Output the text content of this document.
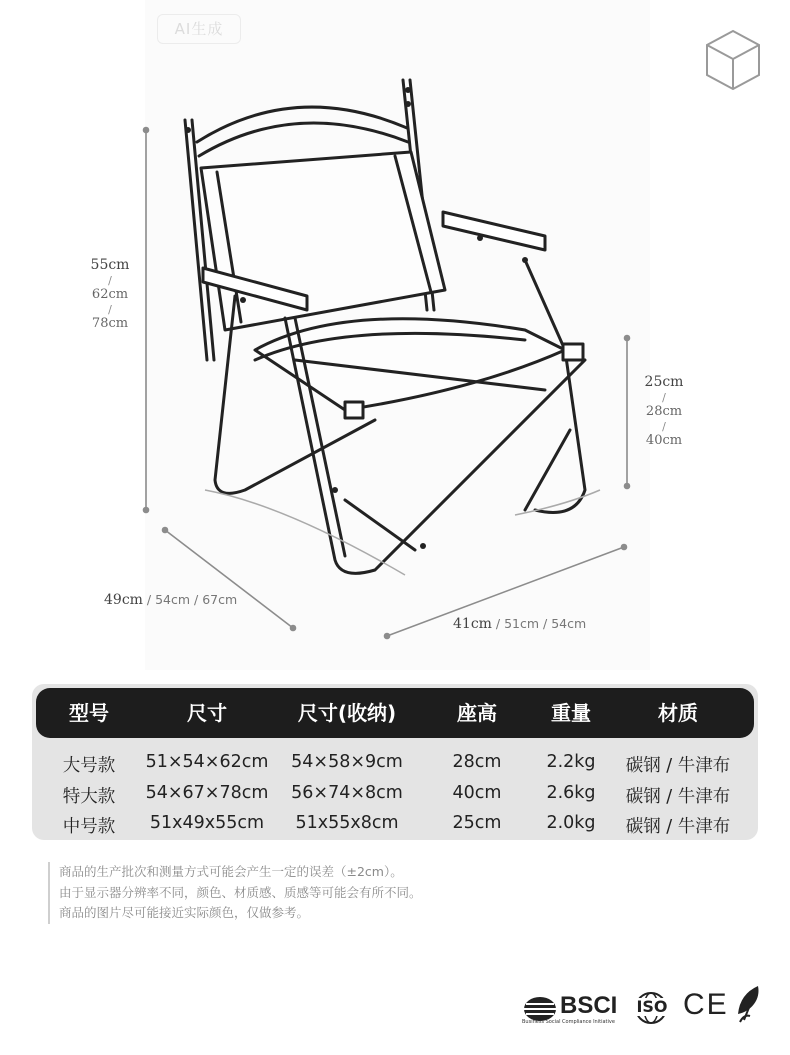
AI生成
55cm
/
62cm
/
78cm
25cm
/
28cm
/
40cm
49cm / 54cm / 67cm
41cm / 51cm / 54cm
型号	尺寸	尺寸(收纳)	座高	重量	材质
大号款	51×54×62cm	54×58×9cm	28cm	2.2kg	碳钢 / 牛津布
特大款	54×67×78cm	56×74×8cm	40cm	2.6kg	碳钢 / 牛津布
中号款	51x49x55cm	51x55x8cm	25cm	2.0kg	碳钢 / 牛津布
商品的生产批次和测量方式可能会产生一定的误差（±2cm）。
由于显示器分辨率不同，颜色、材质感、质感等可能会有所不同。
商品的图片尽可能接近实际颜色，仅做参考。
BSCI
Business Social Compliance Initiative
ISO CE
